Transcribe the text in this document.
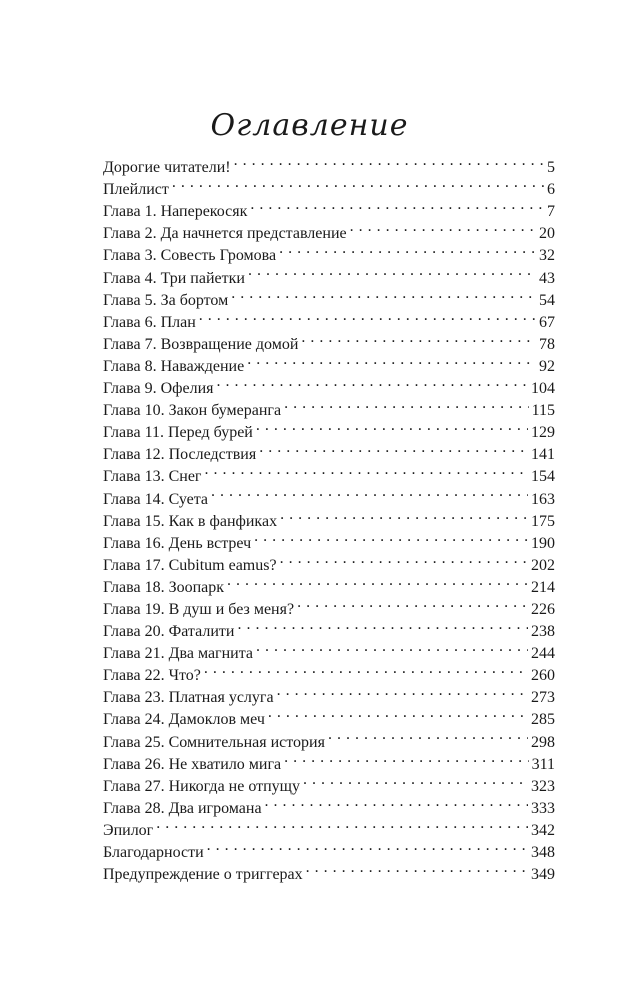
Оглавление
Дорогие читатели! . . .	5
Плейлист . . .	6
Глава 1. Наперекосяк . . .	7
Глава 2. Да начнется представление . . .	20
Глава 3. Совесть Громова . . .	32
Глава 4. Три пайетки . . .	43
Глава 5. За бортом . . .	54
Глава 6. План . . .	67
Глава 7. Возвращение домой . . .	78
Глава 8. Наваждение . . .	92
Глава 9. Офелия . . .	104
Глава 10. Закон бумеранга . . .	115
Глава 11. Перед бурей . . .	129
Глава 12. Последствия . . .	141
Глава 13. Снег . . .	154
Глава 14. Суета . . .	163
Глава 15. Как в фанфиках . . .	175
Глава 16. День встреч . . .	190
Глава 17. Cubitum eamus? . . .	202
Глава 18. Зоопарк . . .	214
Глава 19. В душ и без меня? . . .	226
Глава 20. Фаталити . . .	238
Глава 21. Два магнита . . .	244
Глава 22. Что? . . .	260
Глава 23. Платная услуга . . .	273
Глава 24. Дамоклов меч . . .	285
Глава 25. Сомнительная история . . .	298
Глава 26. Не хватило мига . . .	311
Глава 27. Никогда не отпущу . . .	323
Глава 28. Два игромана . . .	333
Эпилог . . .	342
Благодарности . . .	348
Предупреждение о триггерах . . .	349
